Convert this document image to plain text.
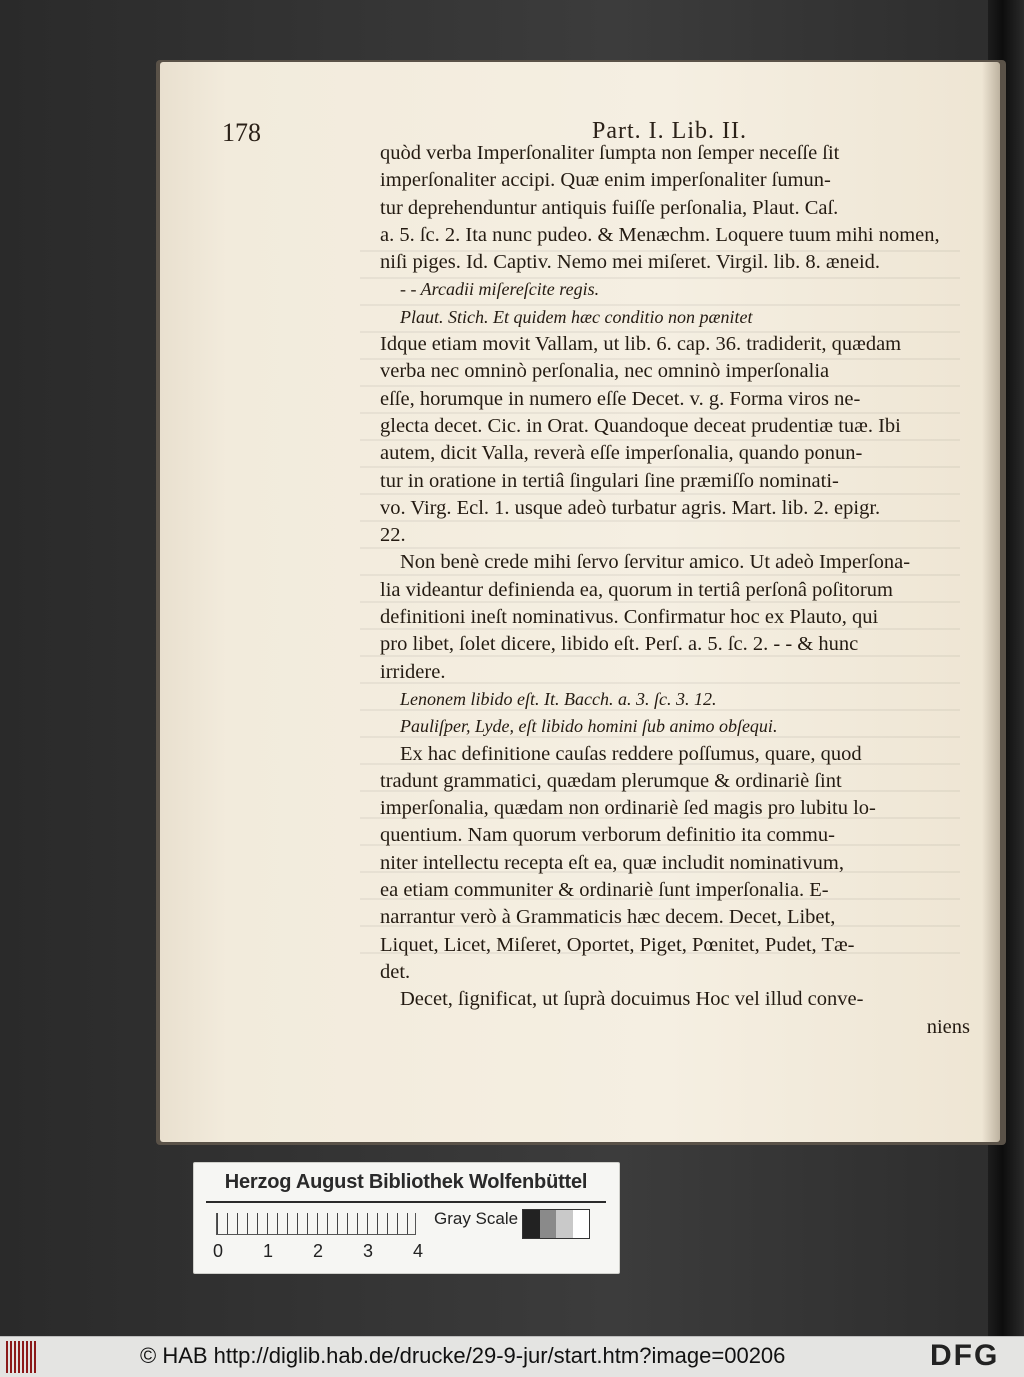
178	Part. I. Lib. II.
quòd verba Imperſonaliter ſumpta non ſemper neceſſe ſit
imperſonaliter accipi. Quæ enim imperſonaliter ſumun-
tur deprehenduntur antiquis fuiſſe perſonalia, Plaut. Caſ.
a. 5. ſc. 2. Ita nunc pudeo. & Menæchm. Loquere tuum mihi nomen,
niſi piges. Id. Captiv. Nemo mei miſeret. Virgil. lib. 8. æneid.
- - Arcadii miſereſcite regis.
Plaut. Stich. Et quidem hæc conditio non pænitet
Idque etiam movit Vallam, ut lib. 6. cap. 36. tradiderit, quædam
verba nec omninò perſonalia, nec omninò imperſonalia
eſſe, horumque in numero eſſe Decet. v. g. Forma viros ne-
glecta decet. Cic. in Orat. Quandoque deceat prudentiæ tuæ. Ibi
autem, dicit Valla, reverà eſſe imperſonalia, quando ponun-
tur in oratione in tertiâ ſingulari ſine præmiſſo nominati-
vo. Virg. Ecl. 1. usque adeò turbatur agris. Mart. lib. 2. epigr.
22.
Non benè crede mihi ſervo ſervitur amico. Ut adeò Imperſona-
lia videantur definienda ea, quorum in tertiâ perſonâ poſitorum
definitioni ineſt nominativus. Confirmatur hoc ex Plauto, qui
pro libet, ſolet dicere, libido eſt. Perſ. a. 5. ſc. 2. - - & hunc
irridere.
Lenonem libido eſt. It. Bacch. a. 3. ſc. 3. 12.
Pauliſper, Lyde, eſt libido homini ſub animo obſequi.
Ex hac definitione cauſas reddere poſſumus, quare, quod
tradunt grammatici, quædam plerumque & ordinariè ſint
imperſonalia, quædam non ordinariè ſed magis pro lubitu lo-
quentium. Nam quorum verborum definitio ita commu-
niter intellectu recepta eſt ea, quæ includit nominativum,
ea etiam communiter & ordinariè ſunt imperſonalia. E-
narrantur verò à Grammaticis hæc decem. Decet, Libet,
Liquet, Licet, Miſeret, Oportet, Piget, Pœnitet, Pudet, Tæ-
det.
Decet, ſignificat, ut ſuprà docuimus Hoc vel illud conve-
niens
Herzog August Bibliothek Wolfenbüttel
Gray Scale
0 1 2 3 4
© HAB http://diglib.hab.de/drucke/29-9-jur/start.htm?image=00206	DFG
